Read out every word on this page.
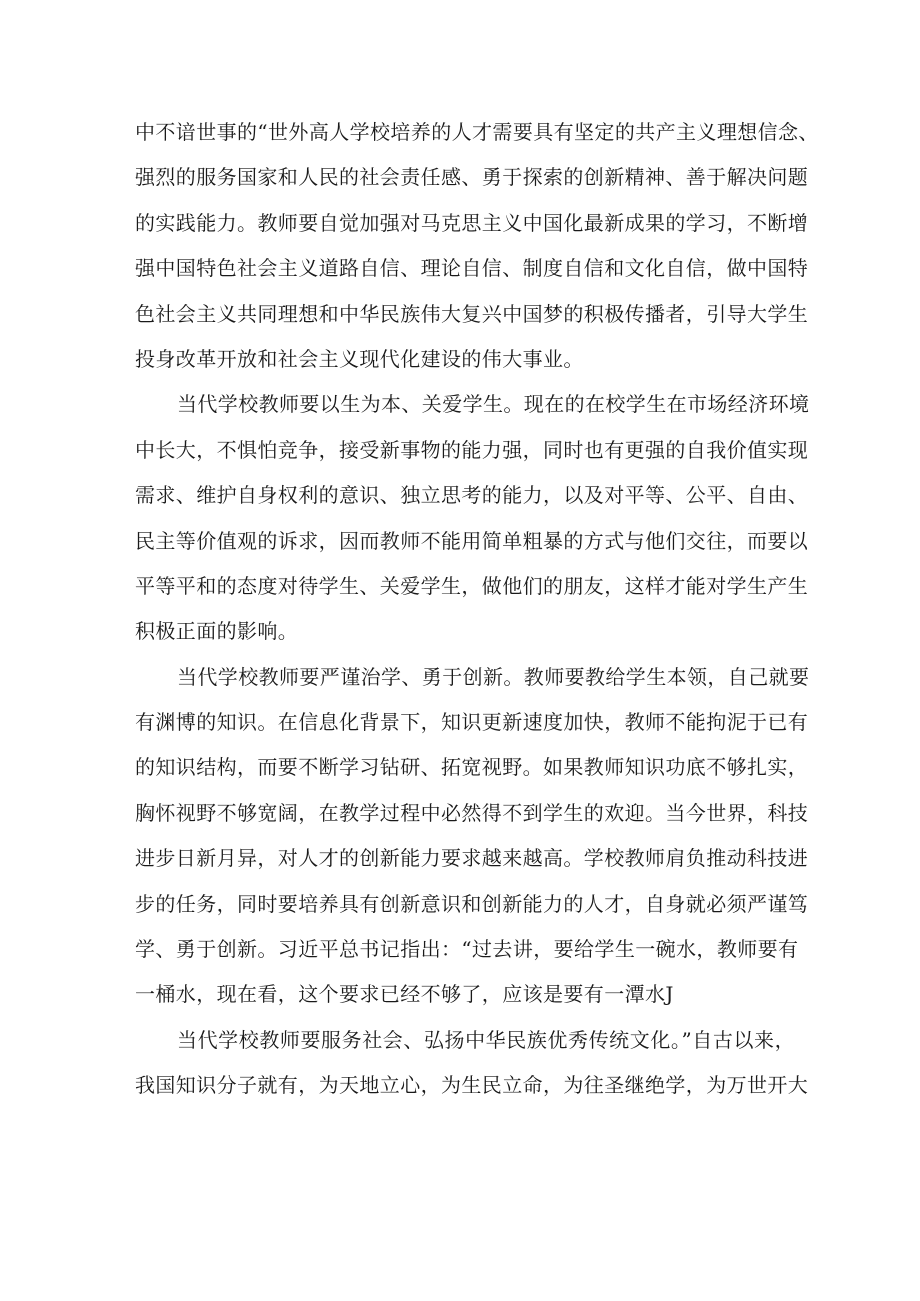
中不谙世事的“世外高人学校培养的人才需要具有坚定的共产主义理想信念、
强烈的服务国家和人民的社会责任感、勇于探索的创新精神、善于解决问题
的实践能力。教师要自觉加强对马克思主义中国化最新成果的学习，不断增
强中国特色社会主义道路自信、理论自信、制度自信和文化自信，做中国特
色社会主义共同理想和中华民族伟大复兴中国梦的积极传播者，引导大学生
投身改革开放和社会主义现代化建设的伟大事业。
当代学校教师要以生为本、关爱学生。现在的在校学生在市场经济环境
中长大，不惧怕竞争，接受新事物的能力强，同时也有更强的自我价值实现
需求、维护自身权利的意识、独立思考的能力，以及对平等、公平、自由、
民主等价值观的诉求，因而教师不能用简单粗暴的方式与他们交往，而要以
平等平和的态度对待学生、关爱学生，做他们的朋友，这样才能对学生产生
积极正面的影响。
当代学校教师要严谨治学、勇于创新。教师要教给学生本领，自己就要
有渊博的知识。在信息化背景下，知识更新速度加快，教师不能拘泥于已有
的知识结构，而要不断学习钻研、拓宽视野。如果教师知识功底不够扎实，
胸怀视野不够宽阔，在教学过程中必然得不到学生的欢迎。当今世界，科技
进步日新月异，对人才的创新能力要求越来越高。学校教师肩负推动科技进
步的任务，同时要培养具有创新意识和创新能力的人才，自身就必须严谨笃
学、勇于创新。习近平总书记指出：“过去讲，要给学生一碗水，教师要有
一桶水，现在看，这个要求已经不够了，应该是要有一潭水J
当代学校教师要服务社会、弘扬中华民族优秀传统文化。”自古以来，
我国知识分子就有，为天地立心，为生民立命，为往圣继绝学，为万世开大
